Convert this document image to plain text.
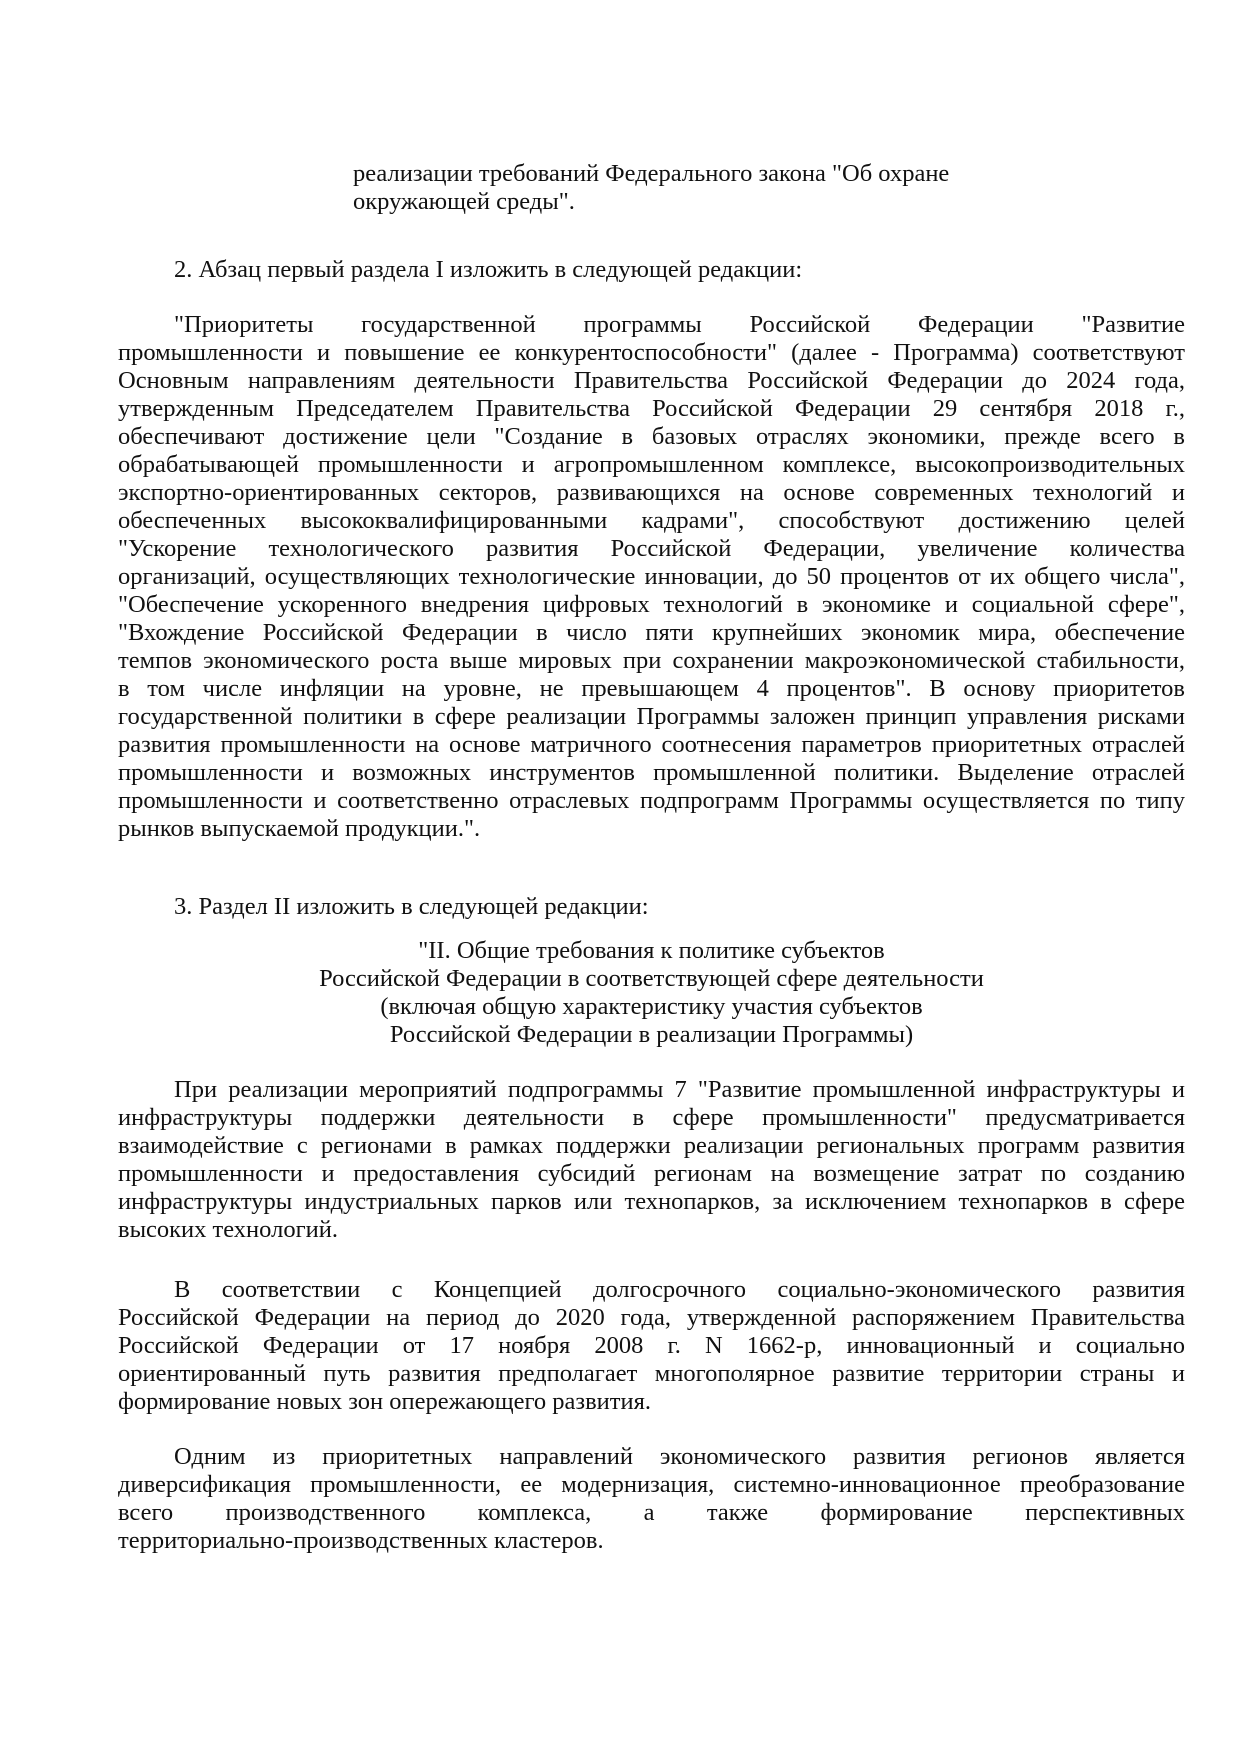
реализации требований Федерального закона "Об охране
окружающей среды".
2. Абзац первый раздела I изложить в следующей редакции:
"Приоритеты государственной программы Российской Федерации "Развитие
промышленности и повышение ее конкурентоспособности" (далее - Программа) соответствуют
Основным направлениям деятельности Правительства Российской Федерации до 2024 года,
утвержденным Председателем Правительства Российской Федерации 29 сентября 2018 г.,
обеспечивают достижение цели "Создание в базовых отраслях экономики, прежде всего в
обрабатывающей промышленности и агропромышленном комплексе, высокопроизводительных
экспортно-ориентированных секторов, развивающихся на основе современных технологий и
обеспеченных высококвалифицированными кадрами", способствуют достижению целей
"Ускорение технологического развития Российской Федерации, увеличение количества
организаций, осуществляющих технологические инновации, до 50 процентов от их общего числа",
"Обеспечение ускоренного внедрения цифровых технологий в экономике и социальной сфере",
"Вхождение Российской Федерации в число пяти крупнейших экономик мира, обеспечение
темпов экономического роста выше мировых при сохранении макроэкономической стабильности,
в том числе инфляции на уровне, не превышающем 4 процентов". В основу приоритетов
государственной политики в сфере реализации Программы заложен принцип управления рисками
развития промышленности на основе матричного соотнесения параметров приоритетных отраслей
промышленности и возможных инструментов промышленной политики. Выделение отраслей
промышленности и соответственно отраслевых подпрограмм Программы осуществляется по типу
рынков выпускаемой продукции.".
3. Раздел II изложить в следующей редакции:
"II. Общие требования к политике субъектов
Российской Федерации в соответствующей сфере деятельности
(включая общую характеристику участия субъектов
Российской Федерации в реализации Программы)
При реализации мероприятий подпрограммы 7 "Развитие промышленной инфраструктуры и
инфраструктуры поддержки деятельности в сфере промышленности" предусматривается
взаимодействие с регионами в рамках поддержки реализации региональных программ развития
промышленности и предоставления субсидий регионам на возмещение затрат по созданию
инфраструктуры индустриальных парков или технопарков, за исключением технопарков в сфере
высоких технологий.
В соответствии с Концепцией долгосрочного социально-экономического развития
Российской Федерации на период до 2020 года, утвержденной распоряжением Правительства
Российской Федерации от 17 ноября 2008 г. N 1662-р, инновационный и социально
ориентированный путь развития предполагает многополярное развитие территории страны и
формирование новых зон опережающего развития.
Одним из приоритетных направлений экономического развития регионов является
диверсификация промышленности, ее модернизация, системно-инновационное преобразование
всего производственного комплекса, а также формирование перспективных
территориально-производственных кластеров.
